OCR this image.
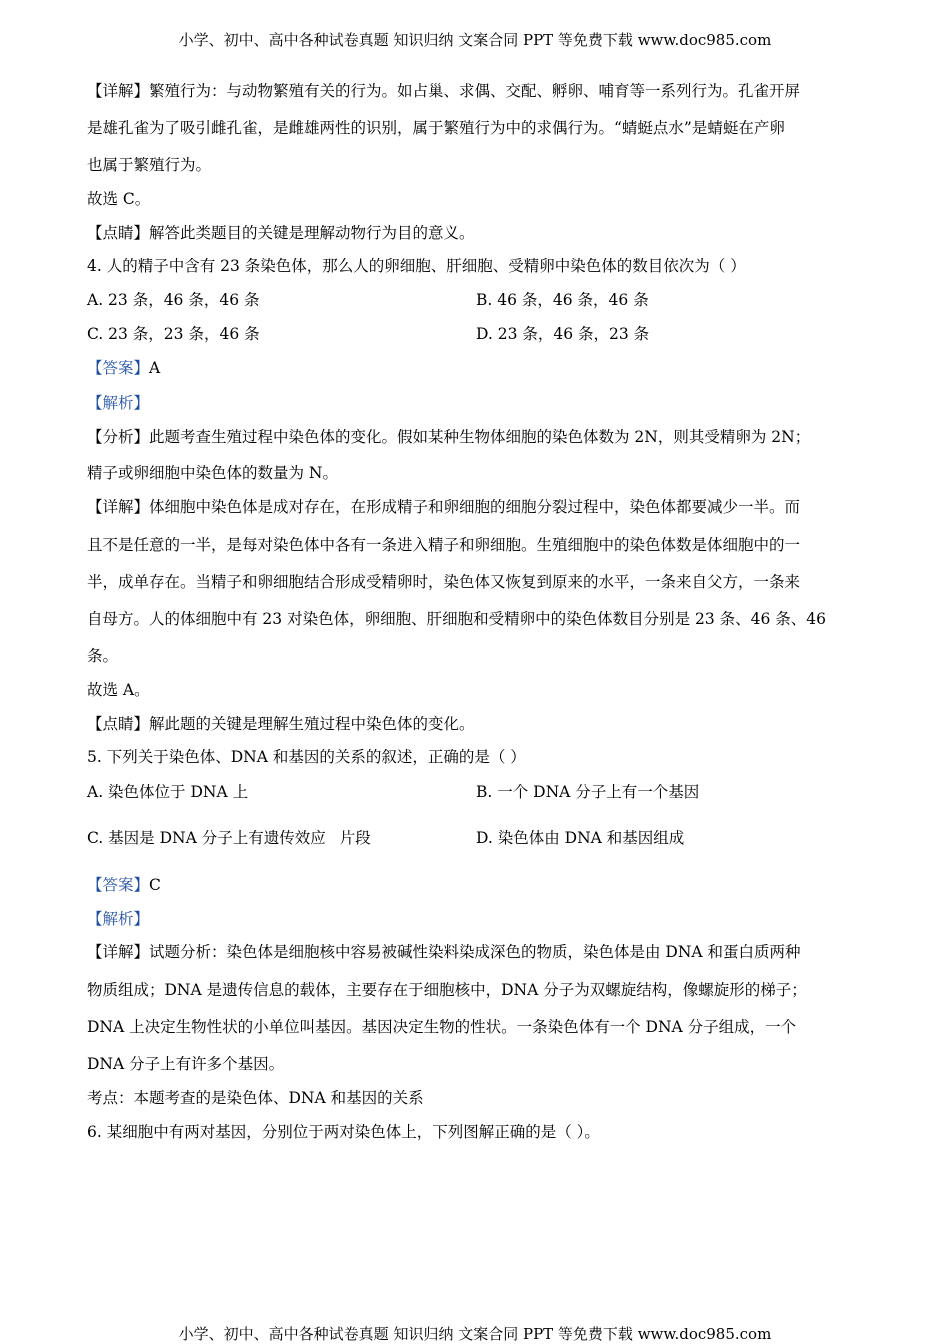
小学、初中、高中各种试卷真题 知识归纳 文案合同 PPT 等免费下载 www.doc985.com
【详解】繁殖行为：与动物繁殖有关的行为。如占巢、求偶、交配、孵卵、哺育等一系列行为。孔雀开屏
是雄孔雀为了吸引雌孔雀，是雌雄两性的识别，属于繁殖行为中的求偶行为。“蜻蜓点水”是蜻蜓在产卵
也属于繁殖行为。
故选 C。
【点睛】解答此类题目的关键是理解动物行为目的意义。
4. 人的精子中含有 23 条染色体，那么人的卵细胞、肝细胞、受精卵中染色体的数目依次为（ ）
A. 23 条，46 条，46 条	B. 46 条，46 条，46 条
C. 23 条，23 条，46 条	D. 23 条，46 条，23 条
【答案】A
【解析】
【分析】此题考查生殖过程中染色体的变化。假如某种生物体细胞的染色体数为 2N，则其受精卵为 2N；
精子或卵细胞中染色体的数量为 N。
【详解】体细胞中染色体是成对存在，在形成精子和卵细胞的细胞分裂过程中，染色体都要减少一半。而
且不是任意的一半，是每对染色体中各有一条进入精子和卵细胞。生殖细胞中的染色体数是体细胞中的一
半，成单存在。当精子和卵细胞结合形成受精卵时，染色体又恢复到原来的水平，一条来自父方，一条来
自母方。人的体细胞中有 23 对染色体，卵细胞、肝细胞和受精卵中的染色体数目分别是 23 条、46 条、46
条。
故选 A。
【点睛】解此题的关键是理解生殖过程中染色体的变化。
5. 下列关于染色体、DNA 和基因的关系的叙述，正确的是（ ）
A. 染色体位于 DNA 上	B. 一个 DNA 分子上有一个基因
C. 基因是 DNA 分子上有遗传效应 片段	D. 染色体由 DNA 和基因组成
【答案】C
【解析】
【详解】试题分析：染色体是细胞核中容易被碱性染料染成深色的物质，染色体是由 DNA 和蛋白质两种
物质组成；DNA 是遗传信息的载体，主要存在于细胞核中，DNA 分子为双螺旋结构，像螺旋形的梯子；
DNA 上决定生物性状的小单位叫基因。基因决定生物的性状。一条染色体有一个 DNA 分子组成，一个
DNA 分子上有许多个基因。
考点：本题考查的是染色体、DNA 和基因的关系
6. 某细胞中有两对基因，分别位于两对染色体上，下列图解正确的是（ ）。
小学、初中、高中各种试卷真题 知识归纳 文案合同 PPT 等免费下载 www.doc985.com
